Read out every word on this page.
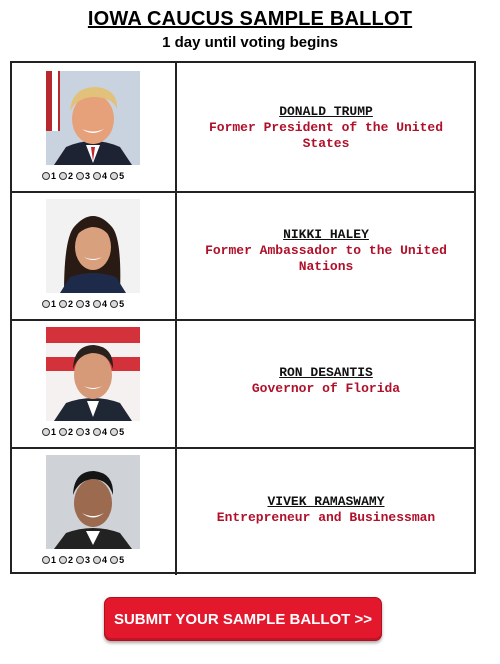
IOWA CAUCUS SAMPLE BALLOT
1 day until voting begins
1 2 3 4 5
DONALD TRUMP
Former President of the United States
1 2 3 4 5
NIKKI HALEY
Former Ambassador to the United Nations
1 2 3 4 5
RON DESANTIS
Governor of Florida
1 2 3 4 5
VIVEK RAMASWAMY
Entrepreneur and Businessman
SUBMIT YOUR SAMPLE BALLOT >>
